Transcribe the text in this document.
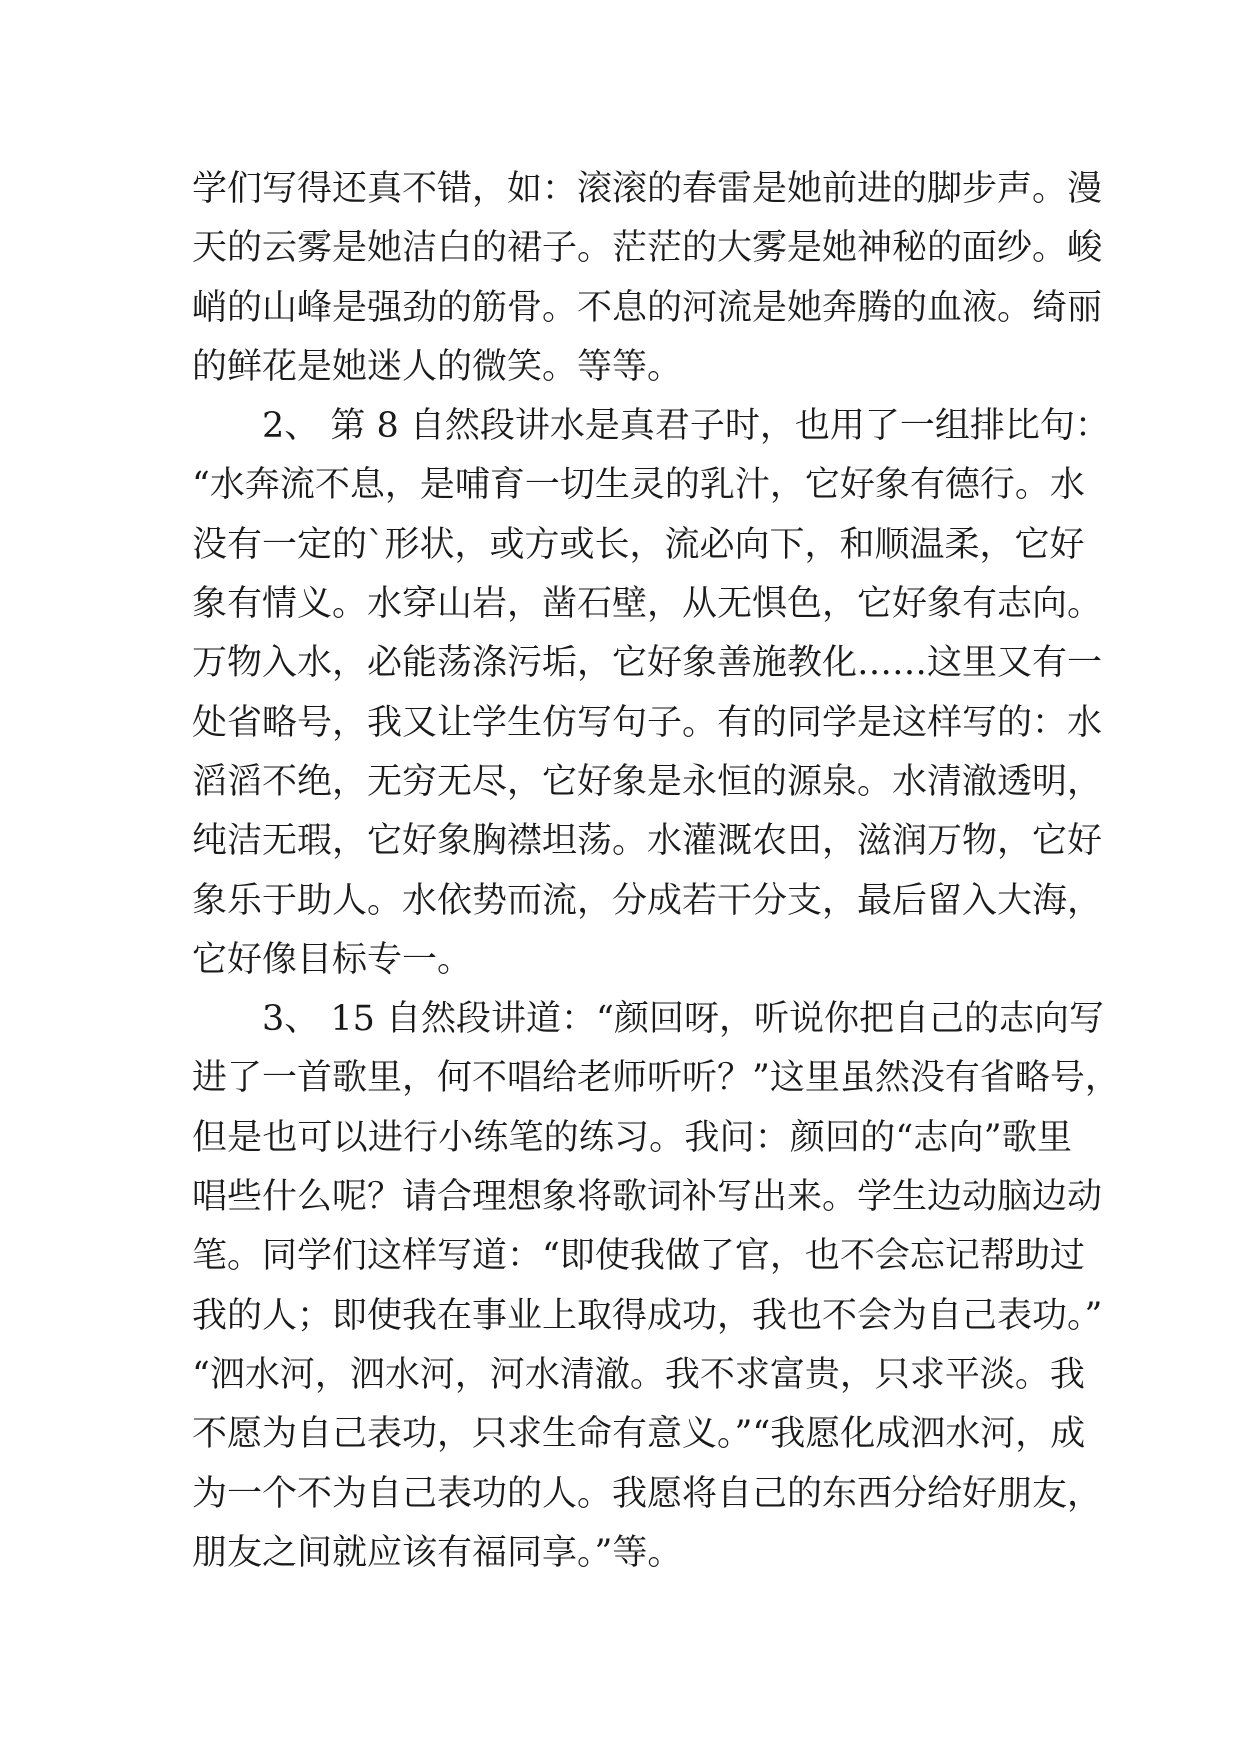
学们写得还真不错，如：滚滚的春雷是她前进的脚步声。漫
天的云雾是她洁白的裙子。茫茫的大雾是她神秘的面纱。峻
峭的山峰是强劲的筋骨。不息的河流是她奔腾的血液。绮丽
的鲜花是她迷人的微笑。等等。
　　2、 第 8 自然段讲水是真君子时，也用了一组排比句：
“水奔流不息，是哺育一切生灵的乳汁，它好象有德行。水
没有一定的`形状，或方或长，流必向下，和顺温柔，它好
象有情义。水穿山岩，凿石壁，从无惧色，它好象有志向。
万物入水，必能荡涤污垢，它好象善施教化……这里又有一
处省略号，我又让学生仿写句子。有的同学是这样写的：水
滔滔不绝，无穷无尽，它好象是永恒的源泉。水清澈透明，
纯洁无瑕，它好象胸襟坦荡。水灌溉农田，滋润万物，它好
象乐于助人。水依势而流，分成若干分支，最后留入大海，
它好像目标专一。
　　3、 15 自然段讲道：“颜回呀，听说你把自己的志向写
进了一首歌里，何不唱给老师听听？”这里虽然没有省略号，
但是也可以进行小练笔的练习。我问：颜回的“志向”歌里
唱些什么呢？请合理想象将歌词补写出来。学生边动脑边动
笔。同学们这样写道：“即使我做了官，也不会忘记帮助过
我的人；即使我在事业上取得成功，我也不会为自己表功。”
“泗水河，泗水河，河水清澈。我不求富贵，只求平淡。我
不愿为自己表功，只求生命有意义。”“我愿化成泗水河，成
为一个不为自己表功的人。我愿将自己的东西分给好朋友，
朋友之间就应该有福同享。”等。
